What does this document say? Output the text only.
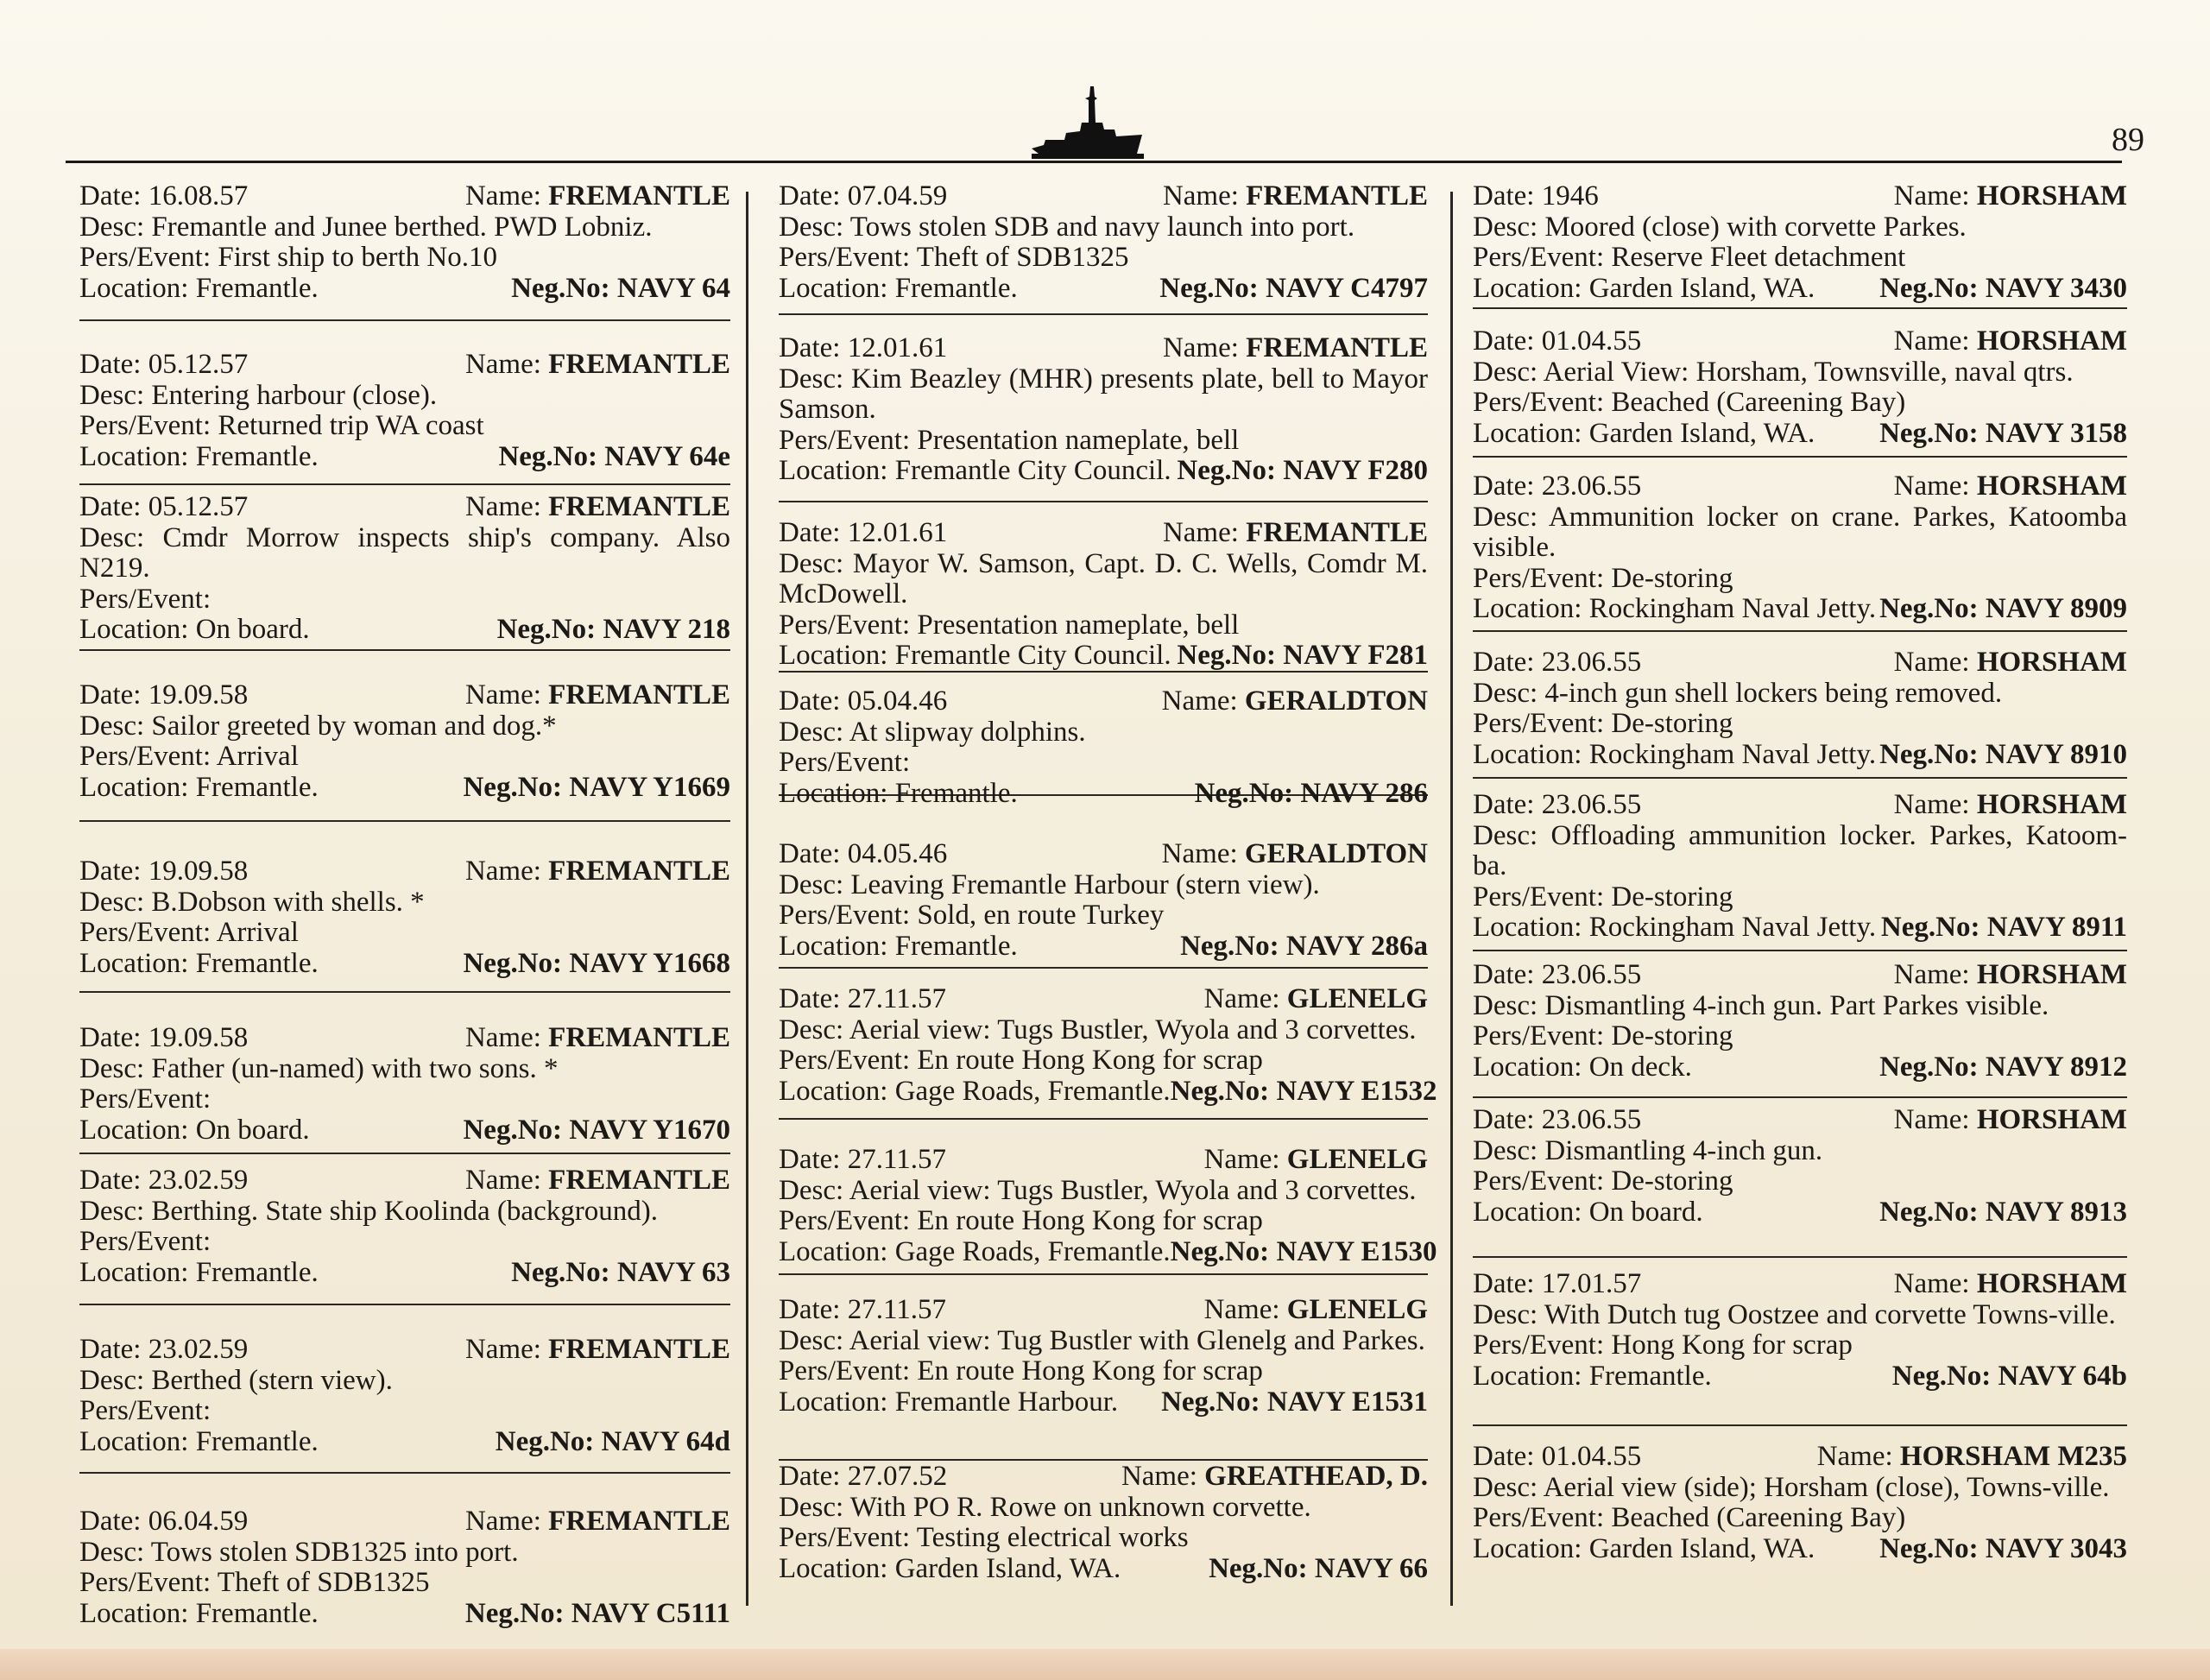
89
Date: 16.08.57	Name: FREMANTLE
Desc: Fremantle and Junee berthed. PWD Lobniz.
Pers/Event: First ship to berth No.10
Location: Fremantle.	Neg.No: NAVY 64
Date: 05.12.57	Name: FREMANTLE
Desc: Entering harbour (close).
Pers/Event: Returned trip WA coast
Location: Fremantle.	Neg.No: NAVY 64e
Date: 05.12.57	Name: FREMANTLE
Desc: Cmdr Morrow inspects ship's company. Also N219.
Pers/Event:
Location: On board.	Neg.No: NAVY 218
Date: 19.09.58	Name: FREMANTLE
Desc: Sailor greeted by woman and dog.*
Pers/Event: Arrival
Location: Fremantle.	Neg.No: NAVY Y1669
Date: 19.09.58	Name: FREMANTLE
Desc: B.Dobson with shells. *
Pers/Event: Arrival
Location: Fremantle.	Neg.No: NAVY Y1668
Date: 19.09.58	Name: FREMANTLE
Desc: Father (un-named) with two sons. *
Pers/Event:
Location: On board.	Neg.No: NAVY Y1670
Date: 23.02.59	Name: FREMANTLE
Desc: Berthing. State ship Koolinda (background).
Pers/Event:
Location: Fremantle.	Neg.No: NAVY 63
Date: 23.02.59	Name: FREMANTLE
Desc: Berthed (stern view).
Pers/Event:
Location: Fremantle.	Neg.No: NAVY 64d
Date: 06.04.59	Name: FREMANTLE
Desc: Tows stolen SDB1325 into port.
Pers/Event: Theft of SDB1325
Location: Fremantle.	Neg.No: NAVY C5111
Date: 07.04.59	Name: FREMANTLE
Desc: Tows stolen SDB and navy launch into port.
Pers/Event: Theft of SDB1325
Location: Fremantle.	Neg.No: NAVY C4797
Date: 12.01.61	Name: FREMANTLE
Desc: Kim Beazley (MHR) presents plate, bell to Mayor Samson.
Pers/Event: Presentation nameplate, bell
Location: Fremantle City Council. Neg.No: NAVY F280
Date: 12.01.61	Name: FREMANTLE
Desc: Mayor W. Samson, Capt. D. C. Wells, Comdr M. McDowell.
Pers/Event: Presentation nameplate, bell
Location: Fremantle City Council. Neg.No: NAVY F281
Date: 05.04.46	Name: GERALDTON
Desc: At slipway dolphins.
Pers/Event:
Location: Fremantle.	Neg.No: NAVY 286
Date: 04.05.46	Name: GERALDTON
Desc: Leaving Fremantle Harbour (stern view).
Pers/Event: Sold, en route Turkey
Location: Fremantle.	Neg.No: NAVY 286a
Date: 27.11.57	Name: GLENELG
Desc: Aerial view: Tugs Bustler, Wyola and 3 corvettes.
Pers/Event: En route Hong Kong for scrap
Location: Gage Roads, Fremantle. Neg.No: NAVY E1532
Date: 27.11.57	Name: GLENELG
Desc: Aerial view: Tugs Bustler, Wyola and 3 corvettes.
Pers/Event: En route Hong Kong for scrap
Location: Gage Roads, Fremantle. Neg.No: NAVY E1530
Date: 27.11.57	Name: GLENELG
Desc: Aerial view: Tug Bustler with Glenelg and Parkes.
Pers/Event: En route Hong Kong for scrap
Location: Fremantle Harbour. Neg.No: NAVY E1531
Date: 27.07.52	Name: GREATHEAD, D.
Desc: With PO R. Rowe on unknown corvette.
Pers/Event: Testing electrical works
Location: Garden Island, WA.	Neg.No: NAVY 66
Date: 1946	Name: HORSHAM
Desc: Moored (close) with corvette Parkes.
Pers/Event: Reserve Fleet detachment
Location: Garden Island, WA. Neg.No: NAVY 3430
Date: 01.04.55	Name: HORSHAM
Desc: Aerial View: Horsham, Townsville, naval qtrs.
Pers/Event: Beached (Careening Bay)
Location: Garden Island, WA. Neg.No: NAVY 3158
Date: 23.06.55	Name: HORSHAM
Desc: Ammunition locker on crane. Parkes, Katoomba visible.
Pers/Event: De-storing
Location: Rockingham Naval Jetty. Neg.No: NAVY 8909
Date: 23.06.55	Name: HORSHAM
Desc: 4-inch gun shell lockers being removed.
Pers/Event: De-storing
Location: Rockingham Naval Jetty. Neg.No: NAVY 8910
Date: 23.06.55	Name: HORSHAM
Desc: Offloading ammunition locker. Parkes, Katoom-ba.
Pers/Event: De-storing
Location: Rockingham Naval Jetty. Neg.No: NAVY 8911
Date: 23.06.55	Name: HORSHAM
Desc: Dismantling 4-inch gun. Part Parkes visible.
Pers/Event: De-storing
Location: On deck.	Neg.No: NAVY 8912
Date: 23.06.55	Name: HORSHAM
Desc: Dismantling 4-inch gun.
Pers/Event: De-storing
Location: On board.	Neg.No: NAVY 8913
Date: 17.01.57	Name: HORSHAM
Desc: With Dutch tug Oostzee and corvette Towns-ville.
Pers/Event: Hong Kong for scrap
Location: Fremantle.	Neg.No: NAVY 64b
Date: 01.04.55	Name: HORSHAM M235
Desc: Aerial view (side); Horsham (close), Towns-ville.
Pers/Event: Beached (Careening Bay)
Location: Garden Island, WA. Neg.No: NAVY 3043
